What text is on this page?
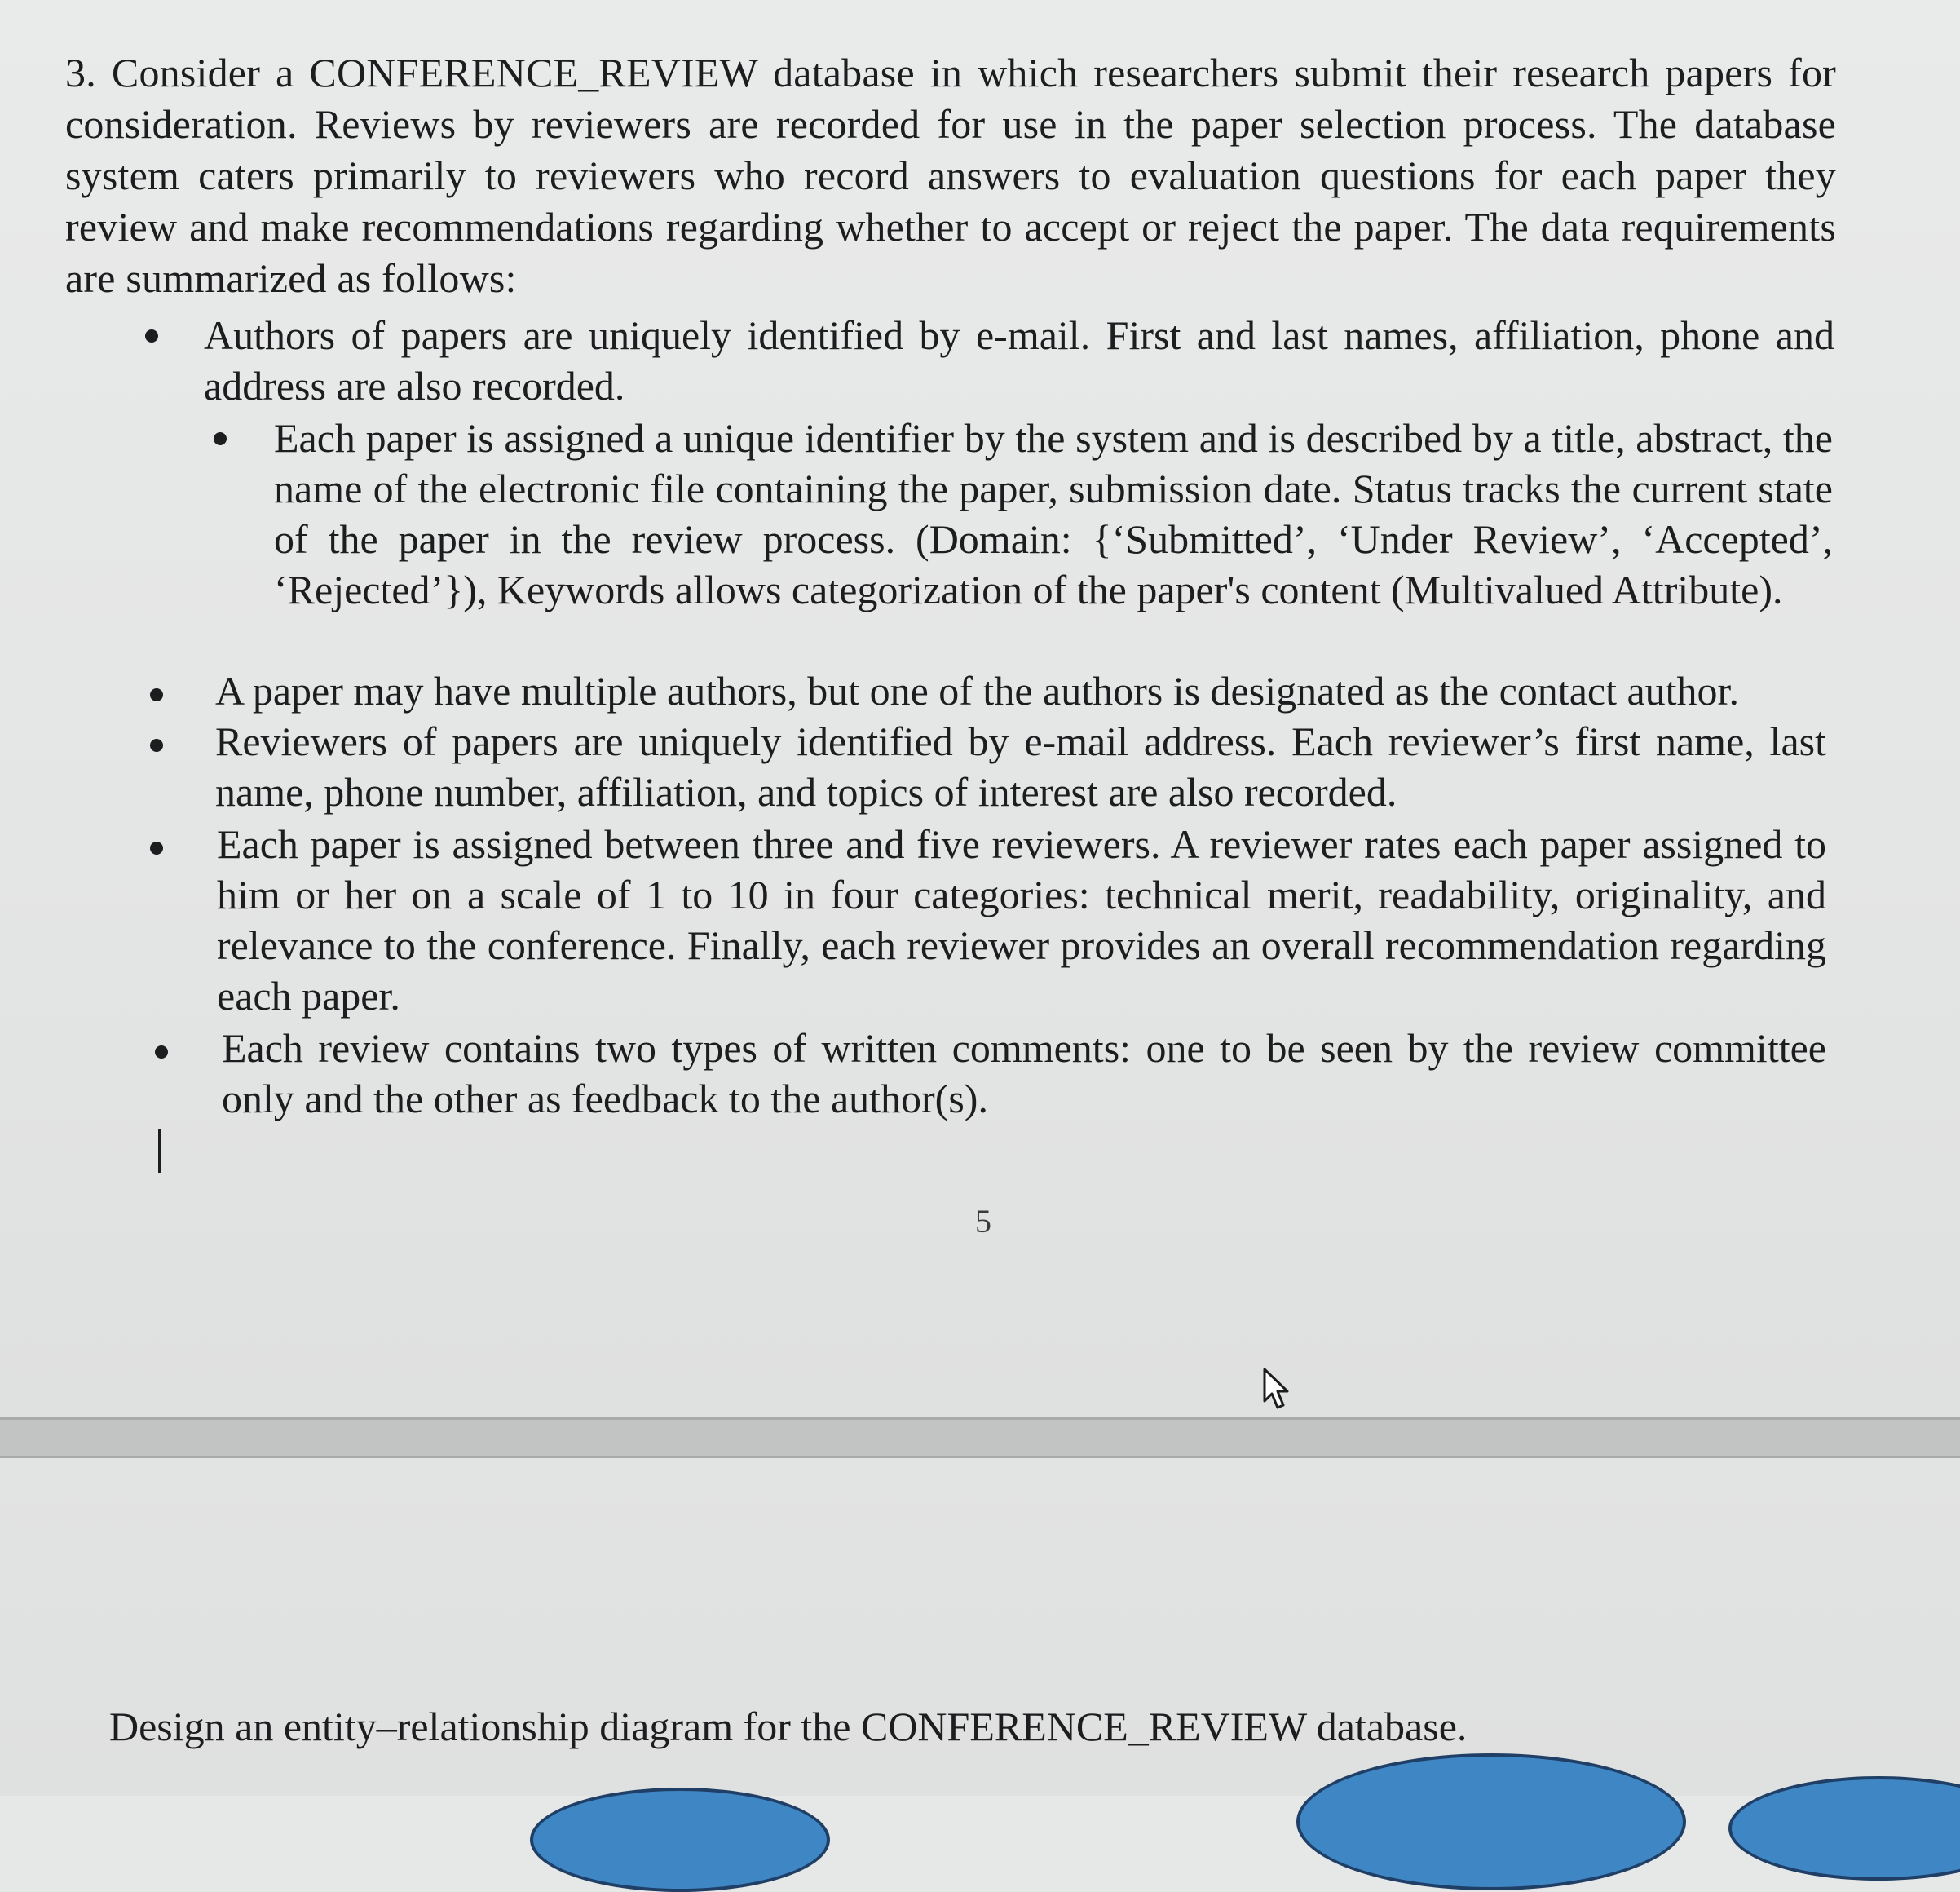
3. Consider a CONFERENCE_REVIEW database in which researchers submit their research papers for consideration. Reviews by reviewers are recorded for use in the paper selection process. The database system caters primarily to reviewers who record answers to evaluation questions for each paper they review and make recommendations regarding whether to accept or reject the paper. The data requirements are summarized as follows:

Authors of papers are uniquely identified by e-mail. First and last names, affiliation, phone and address are also recorded.

Each paper is assigned a unique identifier by the system and is described by a title, abstract, the name of the electronic file containing the paper, submission date. Status tracks the current state of the paper in the review process. (Domain: {‘Submitted’, ‘Under Review’, ‘Accepted’, ‘Rejected’}), Keywords allows categorization of the paper's content (Multivalued Attribute).

A paper may have multiple authors, but one of the authors is designated as the contact author.

Reviewers of papers are uniquely identified by e-mail address. Each reviewer’s first name, last name, phone number, affiliation, and topics of interest are also recorded.

Each paper is assigned between three and five reviewers. A reviewer rates each paper assigned to him or her on a scale of 1 to 10 in four categories: technical merit, readability, originality, and relevance to the conference. Finally, each reviewer provides an overall recommendation regarding each paper.

Each review contains two types of written comments: one to be seen by the review committee only and the other as feedback to the author(s).

5

Design an entity–relationship diagram for the CONFERENCE_REVIEW database.
